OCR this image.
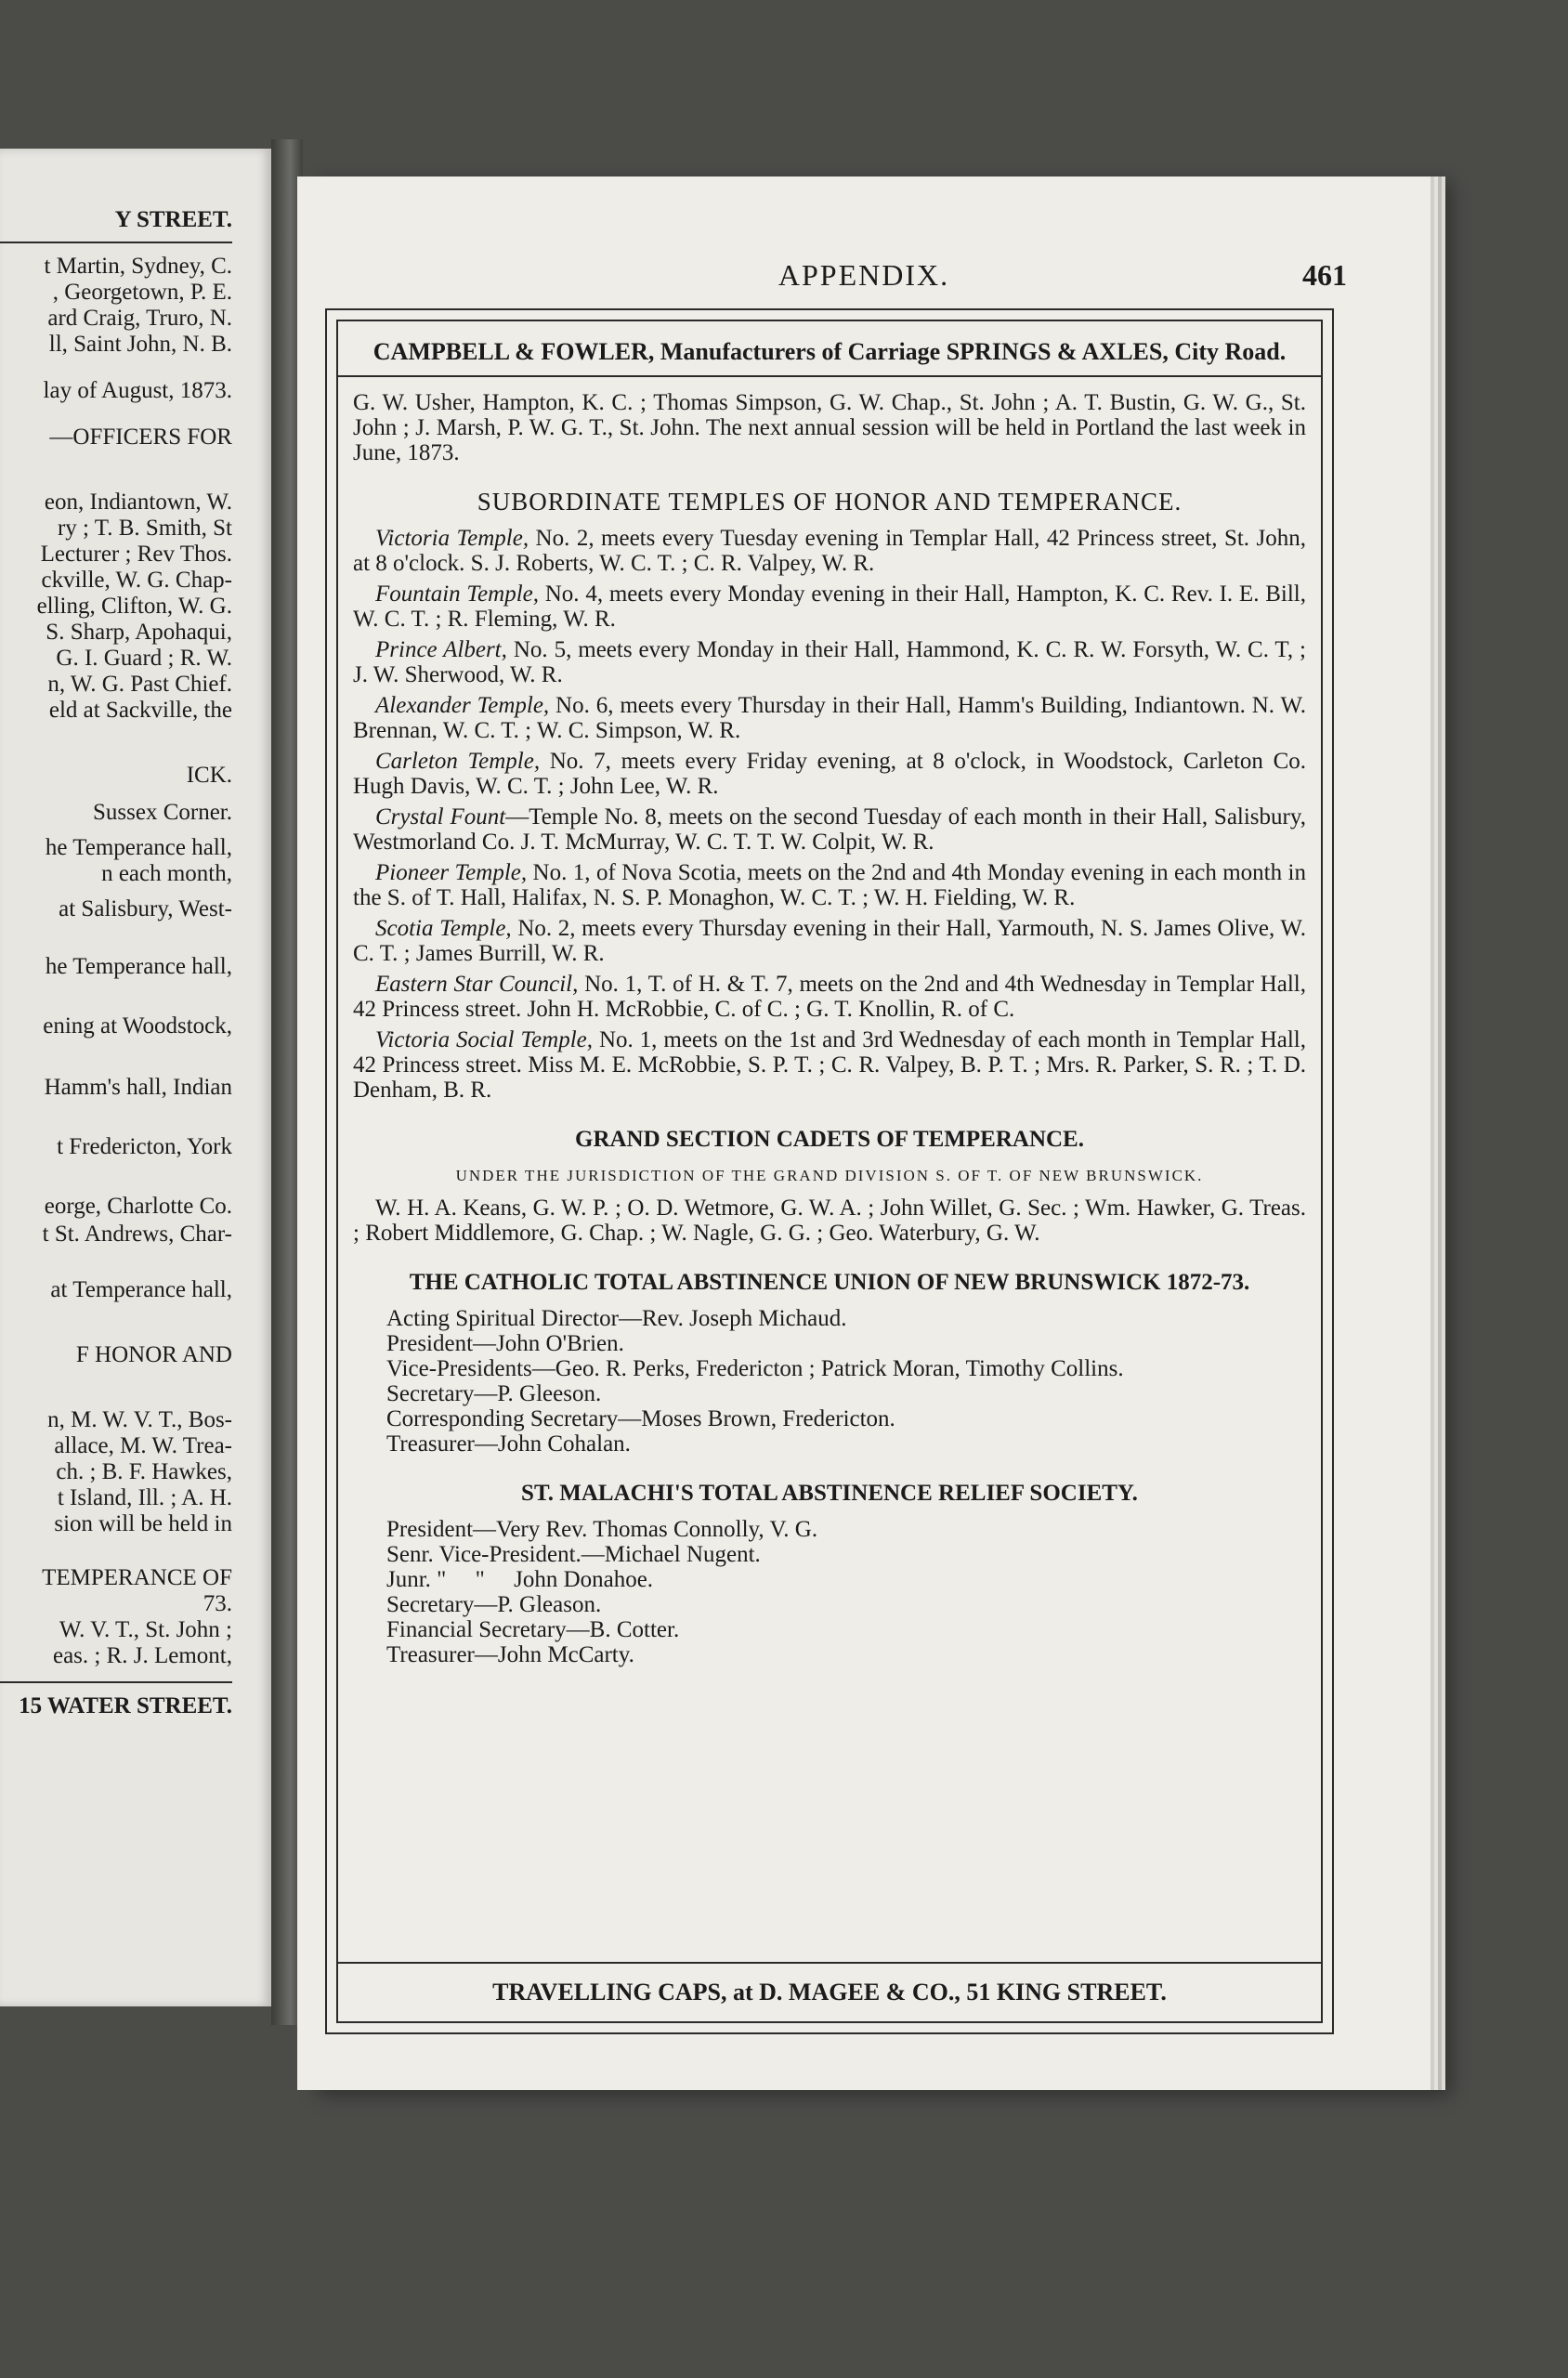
Y STREET.
t Martin, Sydney, C.
, Georgetown, P. E.
ard Craig, Truro, N.
ll, Saint John, N. B.
lay of August, 1873.
—OFFICERS FOR
eon, Indiantown, W.
ry ; T. B. Smith, St
Lecturer ; Rev Thos.
ckville, W. G. Chap-
elling, Clifton, W. G.
S. Sharp, Apohaqui,
G. I. Guard ; R. W.
n, W. G. Past Chief.
eld at Sackville, the
ICK.
Sussex Corner.
he Temperance hall,
n each month,
at Salisbury, West-
he Temperance hall,
ening at Woodstock,
Hamm's hall, Indian
t Fredericton, York
eorge, Charlotte Co.
t St. Andrews, Char-
at Temperance hall,
F HONOR AND
n, M. W. V. T., Bos-
allace, M. W. Trea-
ch. ; B. F. Hawkes,
t Island, Ill. ; A. H.
sion will be held in
TEMPERANCE OF
73.
W. V. T., St. John ;
eas. ; R. J. Lemont,
15 WATER STREET.
APPENDIX.	461
CAMPBELL & FOWLER, Manufacturers of Carriage SPRINGS & AXLES, City Road.

G. W. Usher, Hampton, K. C. ; Thomas Simpson, G. W. Chap., St. John ; A. T. Bustin, G. W. G., St. John ; J. Marsh, P. W. G. T., St. John. The next annual session will be held in Portland the last week in June, 1873.

SUBORDINATE TEMPLES OF HONOR AND TEMPERANCE.

Victoria Temple, No. 2, meets every Tuesday evening in Templar Hall, 42 Princess street, St. John, at 8 o'clock. S. J. Roberts, W. C. T. ; C. R. Valpey, W. R.

Fountain Temple, No. 4, meets every Monday evening in their Hall, Hampton, K. C. Rev. I. E. Bill, W. C. T. ; R. Fleming, W. R.

Prince Albert, No. 5, meets every Monday in their Hall, Hammond, K. C. R. W. Forsyth, W. C. T, ; J. W. Sherwood, W. R.

Alexander Temple, No. 6, meets every Thursday in their Hall, Hamm's Building, Indiantown. N. W. Brennan, W. C. T. ; W. C. Simpson, W. R.

Carleton Temple, No. 7, meets every Friday evening, at 8 o'clock, in Woodstock, Carleton Co. Hugh Davis, W. C. T. ; John Lee, W. R.

Crystal Fount—Temple No. 8, meets on the second Tuesday of each month in their Hall, Salisbury, Westmorland Co. J. T. McMurray, W. C. T. T. W. Colpit, W. R.

Pioneer Temple, No. 1, of Nova Scotia, meets on the 2nd and 4th Monday evening in each month in the S. of T. Hall, Halifax, N. S. P. Monaghon, W. C. T. ; W. H. Fielding, W. R.

Scotia Temple, No. 2, meets every Thursday evening in their Hall, Yarmouth, N. S. James Olive, W. C. T. ; James Burrill, W. R.

Eastern Star Council, No. 1, T. of H. & T. 7, meets on the 2nd and 4th Wednesday in Templar Hall, 42 Princess street. John H. McRobbie, C. of C. ; G. T. Knollin, R. of C.

Victoria Social Temple, No. 1, meets on the 1st and 3rd Wednesday of each month in Templar Hall, 42 Princess street. Miss M. E. McRobbie, S. P. T. ; C. R. Valpey, B. P. T. ; Mrs. R. Parker, S. R. ; T. D. Denham, B. R.

GRAND SECTION CADETS OF TEMPERANCE.
UNDER THE JURISDICTION OF THE GRAND DIVISION S. OF T. OF NEW BRUNSWICK.

W. H. A. Keans, G. W. P. ; O. D. Wetmore, G. W. A. ; John Willet, G. Sec. ; Wm. Hawker, G. Treas. ; Robert Middlemore, G. Chap. ; W. Nagle, G. G. ; Geo. Waterbury, G. W.

THE CATHOLIC TOTAL ABSTINENCE UNION OF NEW BRUNSWICK 1872-73.
Acting Spiritual Director—Rev. Joseph Michaud.
President—John O'Brien.
Vice-Presidents—Geo. R. Perks, Fredericton ; Patrick Moran, Timothy Collins.
Secretary—P. Gleeson.
Corresponding Secretary—Moses Brown, Fredericton.
Treasurer—John Cohalan.
ST. MALACHI'S TOTAL ABSTINENCE RELIEF SOCIETY.
President—Very Rev. Thomas Connolly, V. G.
Senr. Vice-President.—Michael Nugent.
Junr. "     "     John Donahoe.
Secretary—P. Gleason.
Financial Secretary—B. Cotter.
Treasurer—John McCarty.
TRAVELLING CAPS, at D. MAGEE & CO., 51 KING STREET.
